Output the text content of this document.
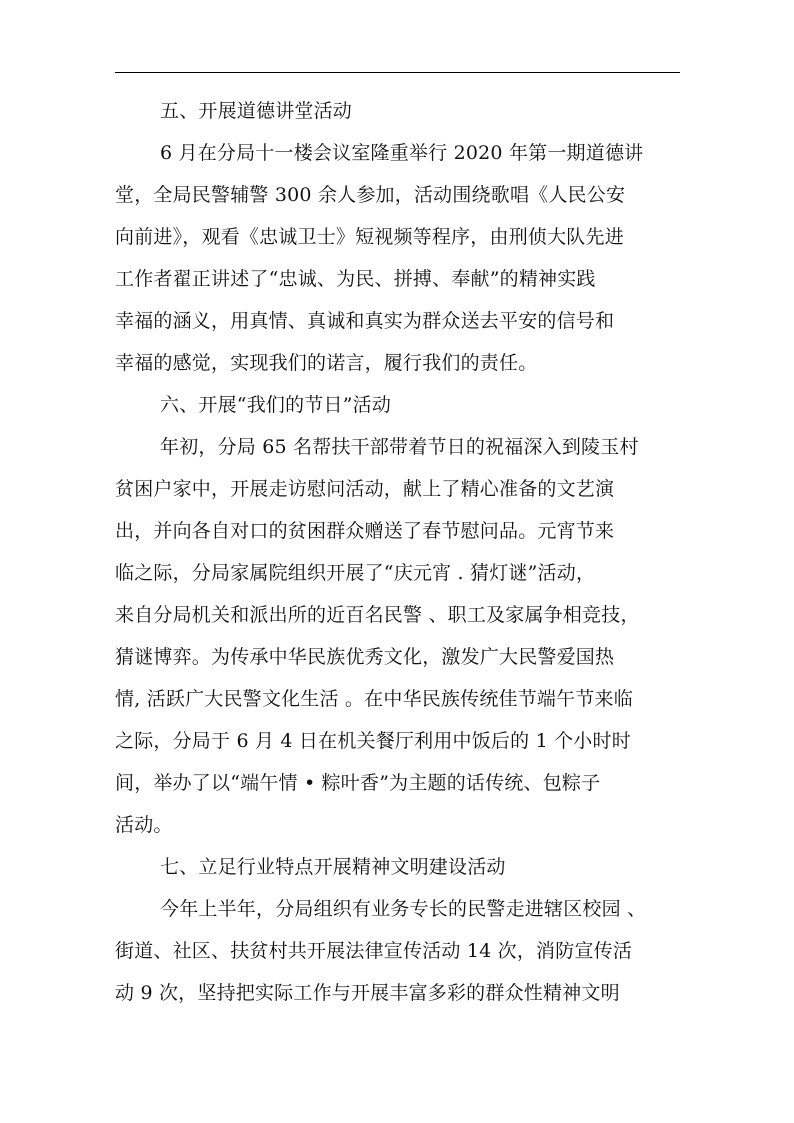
五、开展道德讲堂活动
6 月在分局十一楼会议室隆重举行 2020 年第一期道德讲
堂，全局民警辅警 300 余人参加，活动围绕歌唱《人民公安
向前进》，观看《忠诚卫士》短视频等程序，由刑侦大队先进
工作者翟正讲述了“忠诚、为民、拼搏、奉献”的精神实践
幸福的涵义，用真情、真诚和真实为群众送去平安的信号和
幸福的感觉，实现我们的诺言，履行我们的责任。
六、开展“我们的节日”活动
年初，分局 65 名帮扶干部带着节日的祝福深入到陵玉村
贫困户家中，开展走访慰问活动，献上了精心准备的文艺演
出，并向各自对口的贫困群众赠送了春节慰问品。元宵节来
临之际，分局家属院组织开展了“庆元宵 . 猜灯谜”活动，
来自分局机关和派出所的近百名民警 、职工及家属争相竞技，
猜谜博弈。为传承中华民族优秀文化，激发广大民警爱国热
情, 活跃广大民警文化生活 。在中华民族传统佳节端午节来临
之际，分局于 6 月 4 日在机关餐厅利用中饭后的 1 个小时时
间，举办了以“端午情 • 粽叶香”为主题的话传统、包粽子
活动。
七、立足行业特点开展精神文明建设活动
今年上半年，分局组织有业务专长的民警走进辖区校园 、
街道、社区、扶贫村共开展法律宣传活动 14 次，消防宣传活
动 9 次，坚持把实际工作与开展丰富多彩的群众性精神文明
